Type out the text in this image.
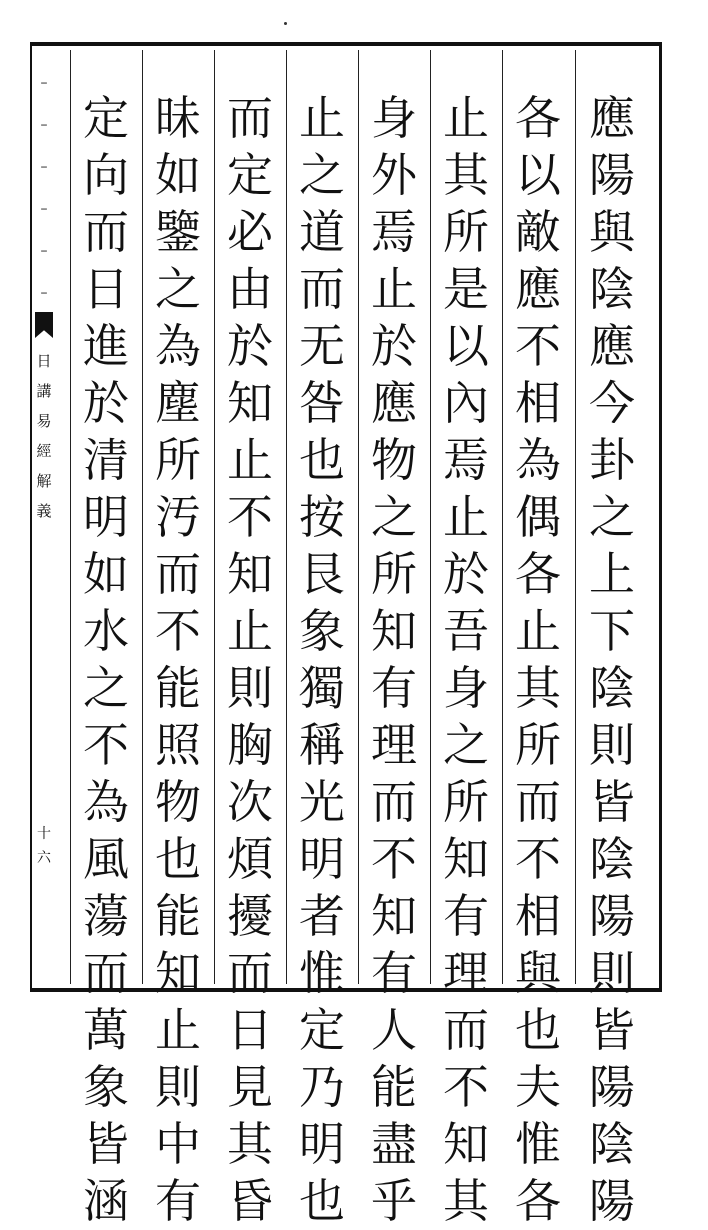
–
–
–
–
–
–
日
講
易
經
解
義
十
六
應
陽
與
陰
應
今
卦
之
上
下
陰
則
皆
陰
陽
則
皆
陽
陰
陽
各
以
敵
應
不
相
為
偶
各
止
其
所
而
不
相
與
也
夫
惟
各
止
其
所
是
以
內
焉
止
於
吾
身
之
所
知
有
理
而
不
知
其
身
外
焉
止
於
應
物
之
所
知
有
理
而
不
知
有
人
能
盡
乎
止
之
道
而
无
咎
也
按
艮
象
獨
稱
光
明
者
惟
定
乃
明
也
而
定
必
由
於
知
止
不
知
止
則
胸
次
煩
擾
而
日
見
其
昏
昧
如
鑒
之
為
塵
所
汚
而
不
能
照
物
也
能
知
止
則
中
有
定
向
而
日
進
於
清
明
如
水
之
不
為
風
蕩
而
萬
象
皆
涵
